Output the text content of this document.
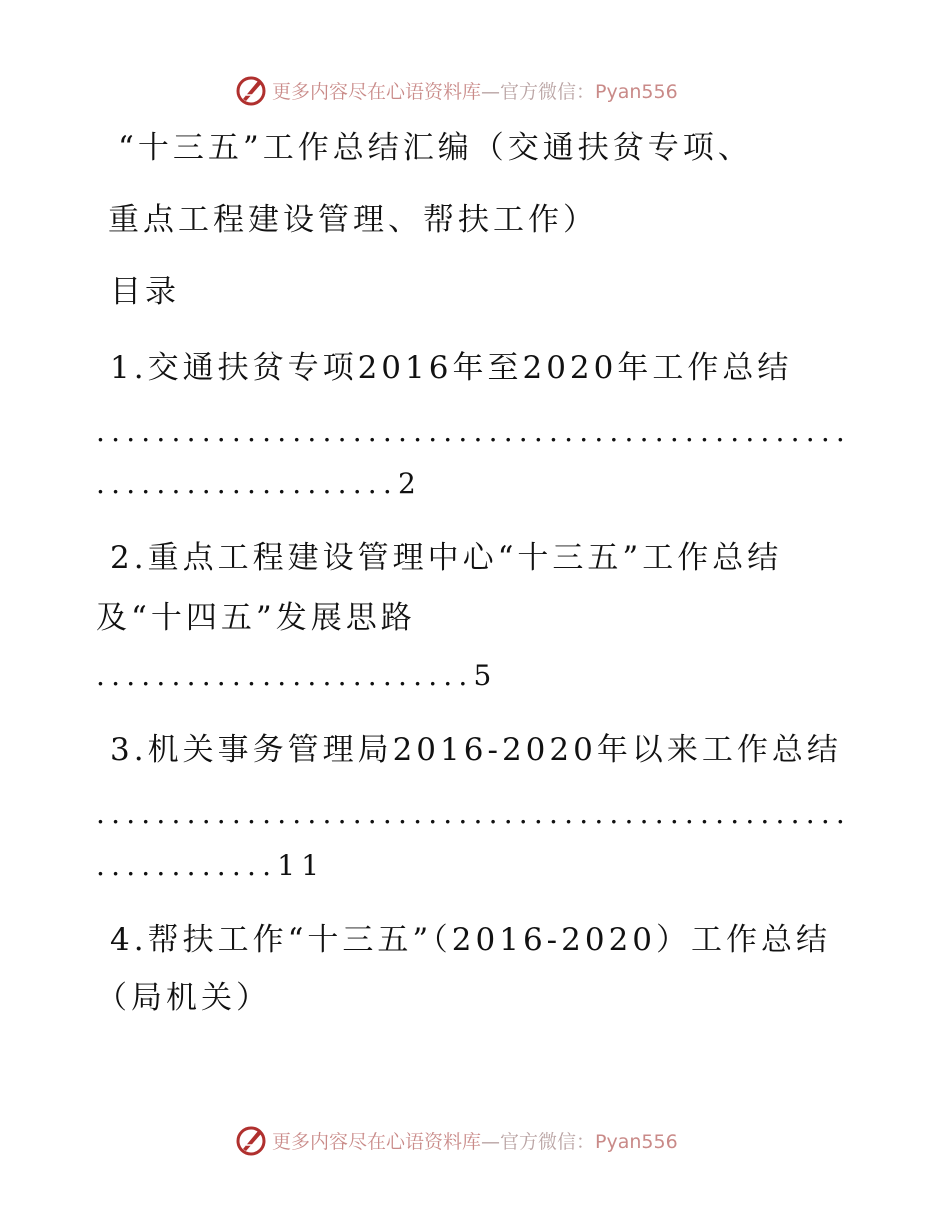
更多内容尽在心语资料库—官方微信：Pyan556
“十三五”工作总结汇编（交通扶贫专项、
重点工程建设管理、帮扶工作）
目录
1.交通扶贫专项2016年至2020年工作总结
..................................................
....................2
2.重点工程建设管理中心“十三五”工作总结
及“十四五”发展思路
.........................5
3.机关事务管理局2016-2020年以来工作总结
..................................................
............11
4.帮扶工作“十三五”（2016-2020）工作总结
（局机关）
更多内容尽在心语资料库—官方微信：Pyan556
